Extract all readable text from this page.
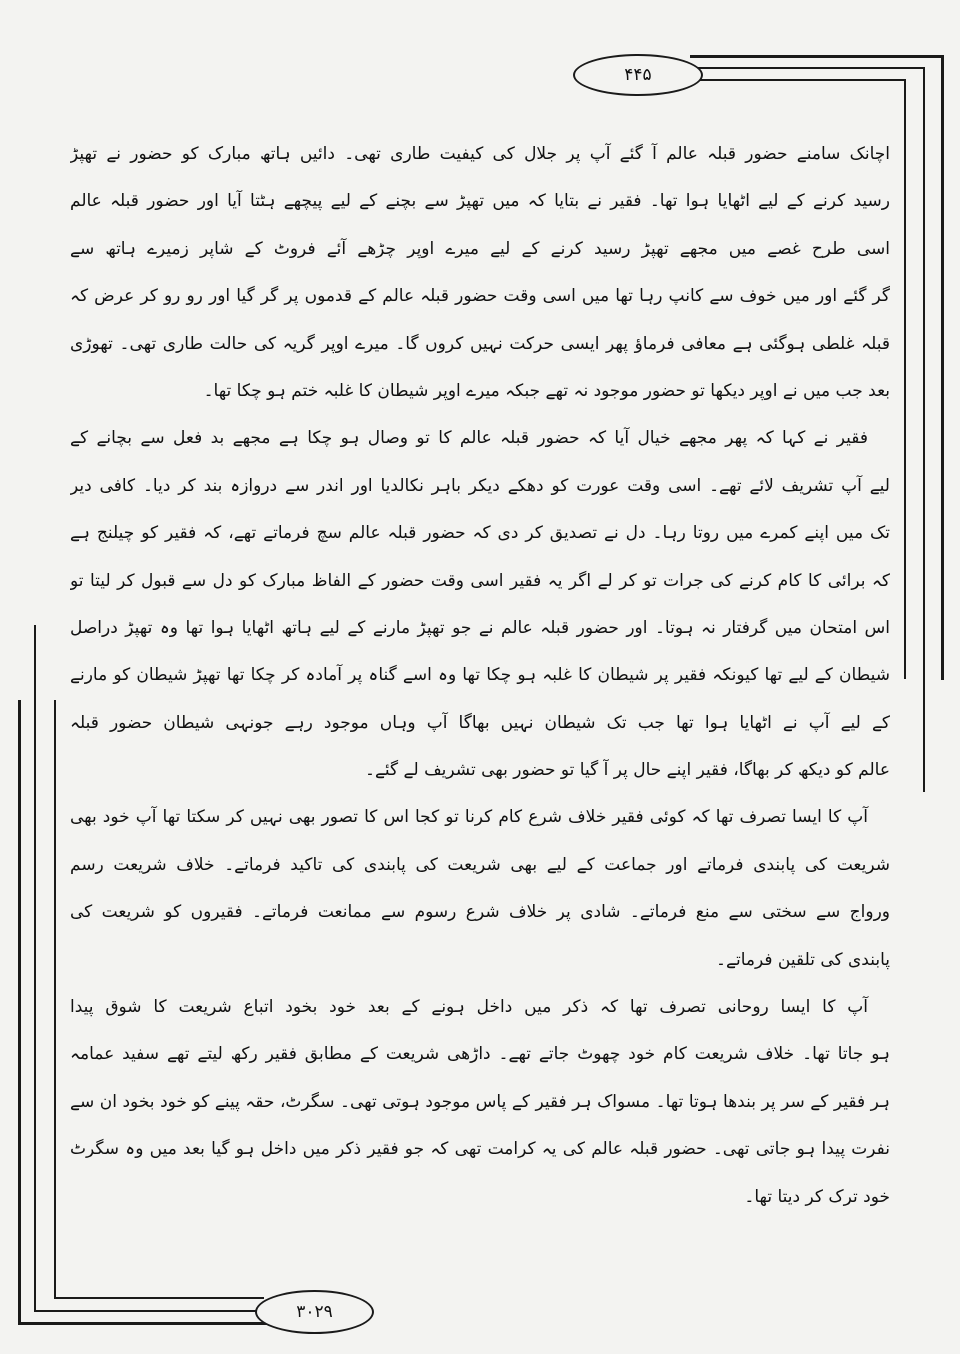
۴۴۵
۳۰۲۹
اچانک سامنے حضور قبلہ عالم آ گئے آپ پر جلال کی کیفیت طاری تھی۔ دائیں ہاتھ مبارک کو حضور نے تھپڑ
رسید کرنے کے لیے اٹھایا ہوا تھا۔ فقیر نے بتایا کہ میں تھپڑ سے بچنے کے لیے پیچھے ہٹتا آیا اور حضور قبلہ عالم
اسی طرح غصے میں مجھے تھپڑ رسید کرنے کے لیے میرے اوپر چڑھے آئے فروٹ کے شاپر زمیرے ہاتھ سے
گر گئے اور میں خوف سے کانپ رہا تھا میں اسی وقت حضور قبلہ عالم کے قدموں پر گر گیا اور رو رو کر عرض کہ
قبلہ غلطی ہوگئی ہے معافی فرماؤ پھر ایسی حرکت نہیں کروں گا۔ میرے اوپر گریہ کی حالت طاری تھی۔ تھوڑی
بعد جب میں نے اوپر دیکھا تو حضور موجود نہ تھے جبکہ میرے اوپر شیطان کا غلبہ ختم ہو چکا تھا۔
فقیر نے کہا کہ پھر مجھے خیال آیا کہ حضور قبلہ عالم کا تو وصال ہو چکا ہے مجھے بد فعل سے بچانے کے
لیے آپ تشریف لائے تھے۔ اسی وقت عورت کو دھکے دیکر باہر نکالدیا اور اندر سے دروازہ بند کر دیا۔ کافی دیر
تک میں اپنے کمرے میں روتا رہا۔ دل نے تصدیق کر دی کہ حضور قبلہ عالم سچ فرماتے تھے، کہ فقیر کو چیلنج ہے
کہ برائی کا کام کرنے کی جرات تو کر لے اگر یہ فقیر اسی وقت حضور کے الفاظ مبارک کو دل سے قبول کر لیتا تو
اس امتحان میں گرفتار نہ ہوتا۔ اور حضور قبلہ عالم نے جو تھپڑ مارنے کے لیے ہاتھ اٹھایا ہوا تھا وہ تھپڑ دراصل
شیطان کے لیے تھا کیونکہ فقیر پر شیطان کا غلبہ ہو چکا تھا وہ اسے گناہ پر آمادہ کر چکا تھا تھپڑ شیطان کو مارنے
کے لیے آپ نے اٹھایا ہوا تھا جب تک شیطان نہیں بھاگا آپ وہاں موجود رہے جونہی شیطان حضور قبلہ
عالم کو دیکھ کر بھاگا، فقیر اپنے حال پر آ گیا تو حضور بھی تشریف لے گئے۔
آپ کا ایسا تصرف تھا کہ کوئی فقیر خلاف شرع کام کرنا تو کجا اس کا تصور بھی نہیں کر سکتا تھا آپ خود بھی
شریعت کی پابندی فرماتے اور جماعت کے لیے بھی شریعت کی پابندی کی تاکید فرماتے۔ خلاف شریعت رسم
ورواج سے سختی سے منع فرماتے۔ شادی پر خلاف شرع رسوم سے ممانعت فرماتے۔ فقیروں کو شریعت کی
پابندی کی تلقین فرماتے۔
آپ کا ایسا روحانی تصرف تھا کہ ذکر میں داخل ہونے کے بعد خود بخود اتباع شریعت کا شوق پیدا
ہو جاتا تھا۔ خلاف شریعت کام خود چھوٹ جاتے تھے۔ داڑھی شریعت کے مطابق فقیر رکھ لیتے تھے سفید عمامہ
ہر فقیر کے سر پر بندھا ہوتا تھا۔ مسواک ہر فقیر کے پاس موجود ہوتی تھی۔ سگرٹ، حقہ پینے کو خود بخود ان سے
نفرت پیدا ہو جاتی تھی۔ حضور قبلہ عالم کی یہ کرامت تھی کہ جو فقیر ذکر میں داخل ہو گیا بعد میں وہ سگرٹ
خود ترک کر دیتا تھا۔
